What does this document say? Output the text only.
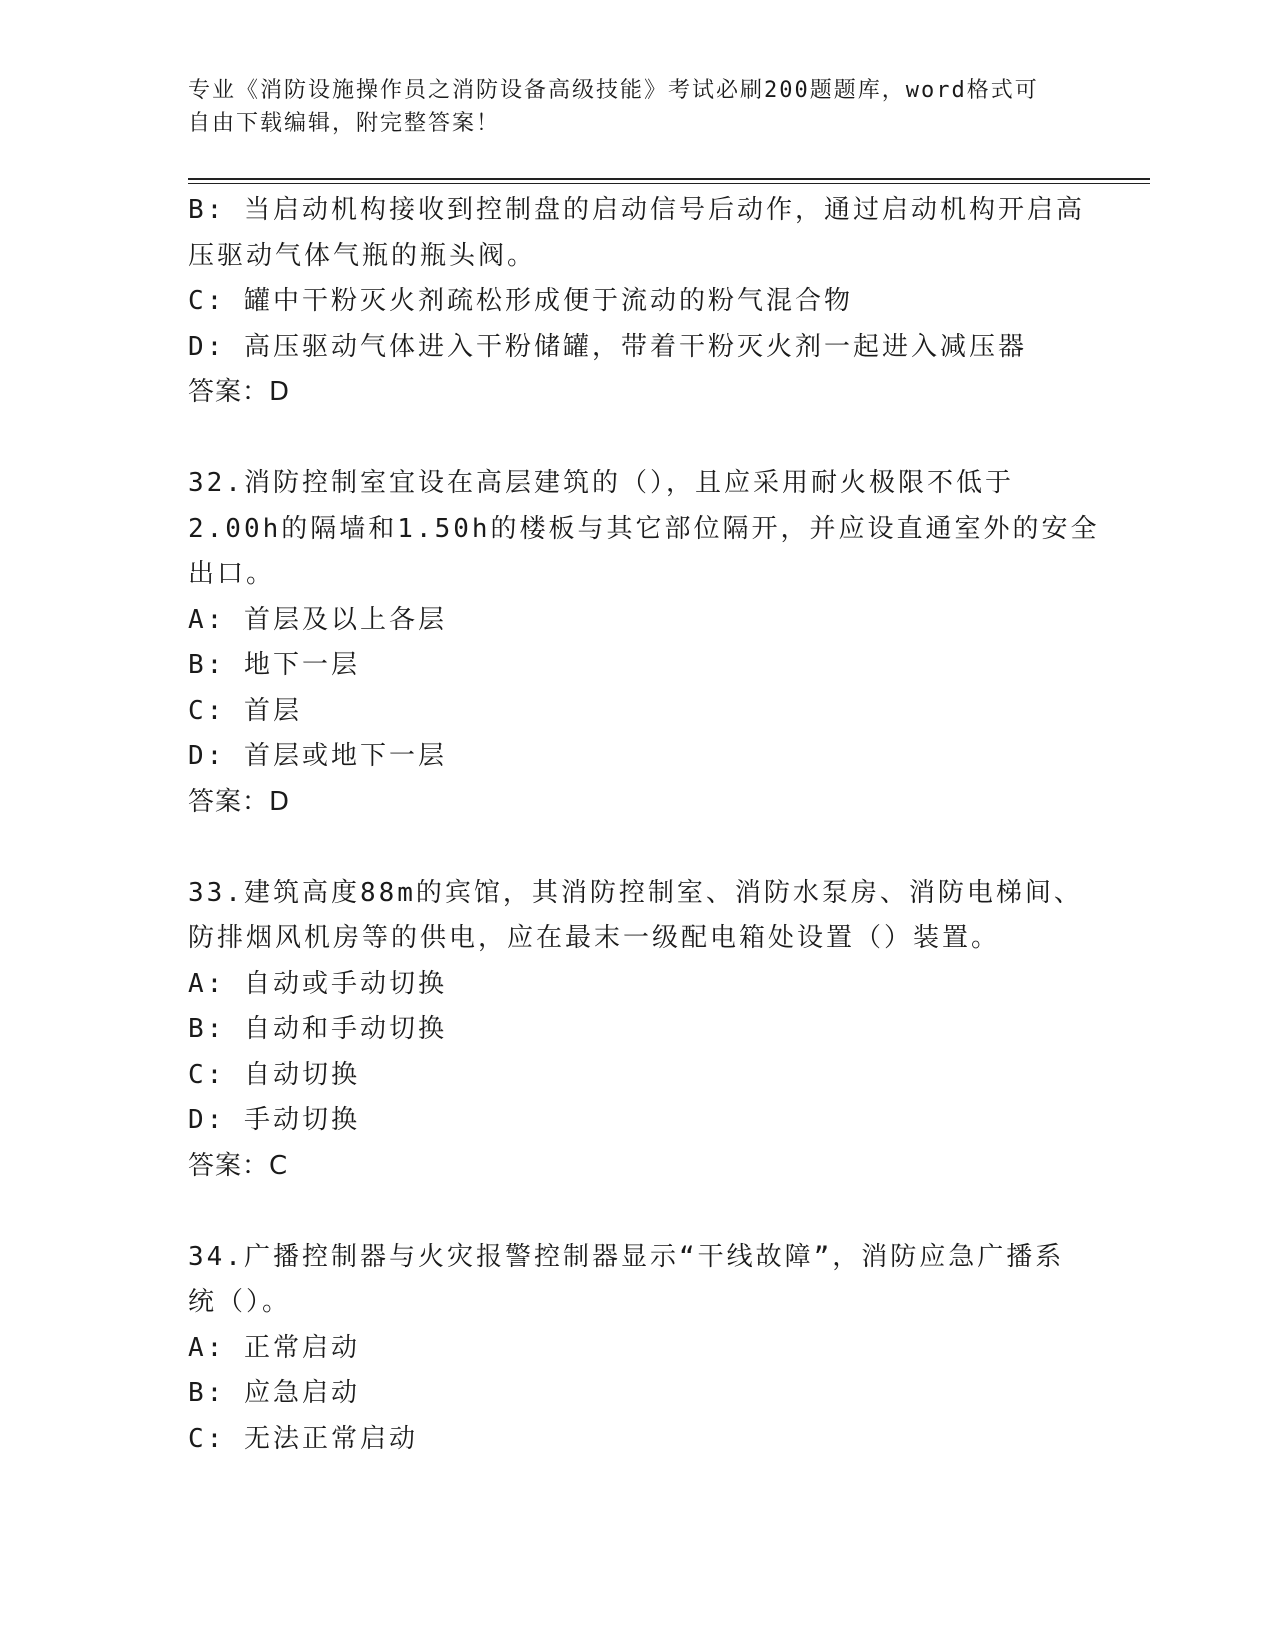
专业《消防设施操作员之消防设备高级技能》考试必刷200题题库，word格式可
自由下载编辑，附完整答案！
B: 当启动机构接收到控制盘的启动信号后动作，通过启动机构开启高
压驱动气体气瓶的瓶头阀。
C: 罐中干粉灭火剂疏松形成便于流动的粉气混合物
D: 高压驱动气体进入干粉储罐，带着干粉灭火剂一起进入减压器
答案：D
32.消防控制室宜设在高层建筑的（），且应采用耐火极限不低于
2.00h的隔墙和1.50h的楼板与其它部位隔开，并应设直通室外的安全
出口。
A: 首层及以上各层
B: 地下一层
C: 首层
D: 首层或地下一层
答案：D
33.建筑高度88m的宾馆，其消防控制室、消防水泵房、消防电梯间、
防排烟风机房等的供电，应在最末一级配电箱处设置（）装置。
A: 自动或手动切换
B: 自动和手动切换
C: 自动切换
D: 手动切换
答案：C
34.广播控制器与火灾报警控制器显示“干线故障”，消防应急广播系
统（）。
A: 正常启动
B: 应急启动
C: 无法正常启动
